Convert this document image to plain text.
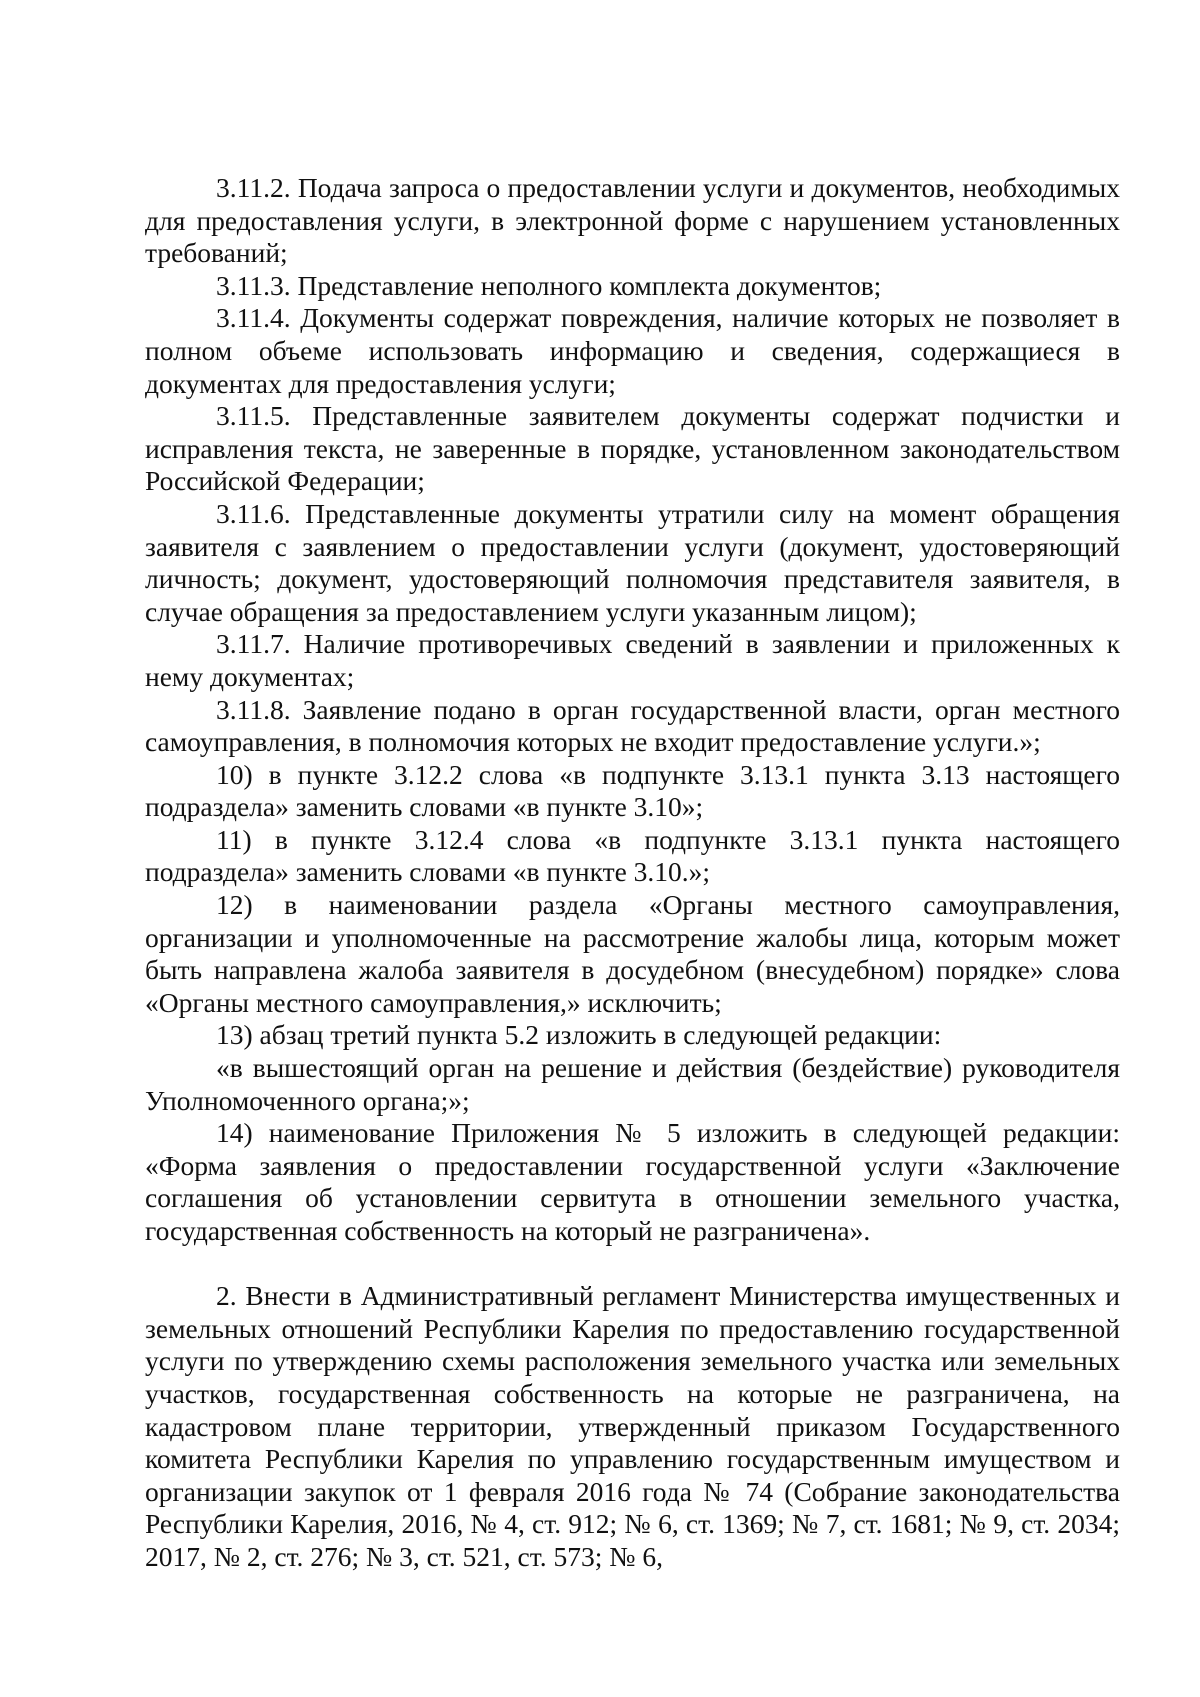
3.11.2. Подача запроса о предоставлении услуги и документов, необходимых для предоставления услуги, в электронной форме с нарушением установленных требований;

3.11.3. Представление неполного комплекта документов;

3.11.4. Документы содержат повреждения, наличие которых не позволяет в полном объеме использовать информацию и сведения, содержащиеся в документах для предоставления услуги;

3.11.5. Представленные заявителем документы содержат подчистки и исправления текста, не заверенные в порядке, установленном законодательством Российской Федерации;

3.11.6. Представленные документы утратили силу на момент обращения заявителя с заявлением о предоставлении услуги (документ, удостоверяющий личность; документ, удостоверяющий полномочия представителя заявителя, в случае обращения за предоставлением услуги указанным лицом);

3.11.7. Наличие противоречивых сведений в заявлении и приложенных к нему документах;

3.11.8. Заявление подано в орган государственной власти, орган местного самоуправления, в полномочия которых не входит предоставление услуги.»;

10) в пункте 3.12.2 слова «в подпункте 3.13.1 пункта 3.13 настоящего подраздела» заменить словами «в пункте 3.10»;

11) в пункте 3.12.4 слова «в подпункте 3.13.1 пункта настоящего подраздела» заменить словами «в пункте 3.10.»;

12) в наименовании раздела «Органы местного самоуправления, организации и уполномоченные на рассмотрение жалобы лица, которым может быть направлена жалоба заявителя в досудебном (внесудебном) порядке» слова «Органы местного самоуправления,» исключить;

13) абзац третий пункта 5.2 изложить в следующей редакции:

«в вышестоящий орган на решение и действия (бездействие) руководителя Уполномоченного органа;»;

14) наименование Приложения № 5 изложить в следующей редакции: «Форма заявления о предоставлении государственной услуги «Заключение соглашения об установлении сервитута в отношении земельного участка, государственная собственность на который не разграничена».

2. Внести в Административный регламент Министерства имущественных и земельных отношений Республики Карелия по предоставлению государственной услуги по утверждению схемы расположения земельного участка или земельных участков, государственная собственность на которые не разграничена, на кадастровом плане территории, утвержденный приказом Государственного комитета Республики Карелия по управлению государственным имуществом и организации закупок от 1 февраля 2016 года № 74 (Собрание законодательства Республики Карелия, 2016, № 4, ст. 912; № 6, ст. 1369; № 7, ст. 1681; № 9, ст. 2034; 2017, № 2, ст. 276; № 3, ст. 521, ст. 573; № 6,
